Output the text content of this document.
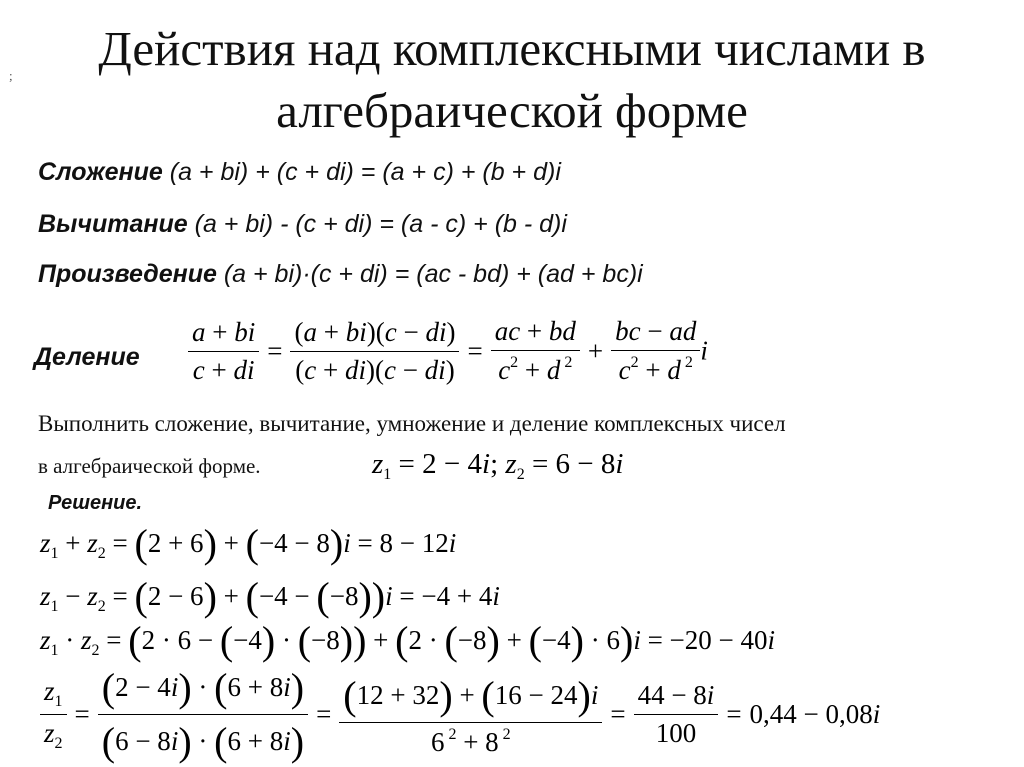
;	Действия над комплексными числами в
алгебраической форме
Сложение (a + bi) + (c + di) = (a + c) + (b + d)i
Вычитание (a + bi) - (c + di) = (a - c) + (b - d)i
Произведение (a + bi)·(c + di) = (ac - bd) + (ad + bc)i
Деление $\frac{a + bi}{c + di} = \frac{(a + bi)(c - di)}{(c + di)(c - di)} = \frac{ac + bd}{c^2 + d ^2} + \frac{bc - ad}{c^2 + d ^2}$ i
Выполнить сложение, вычитание, умножение и деление комплексных чисел
в алгебраической форме.	$z_1 = 2 - 4i$; $z_2 = 6 - 8i$
Решение.
$z_1 + z_2 = (2 + 6) + (-4 - 8)i = 8 - 12i$
$z_1 - z_2 = (2 - 6) + (-4 - (-8))i = -4 + 4i$
$z_1 \cdot z_2 = (2 \cdot 6 - (-4) \cdot (-8)) + (2 \cdot (-8) + (-4) \cdot 6)i = -20 - 40i$
$\frac{z_1}{z_2} = \frac{(2 - 4i) \cdot (6 + 8i)}{(6 - 8i) \cdot (6 + 8i)} = \frac{(12 + 32) + (16 - 24)i}{6 ^2 + 8 ^2} = \frac{44 - 8i}{100} = 0,44 - 0,08i$
